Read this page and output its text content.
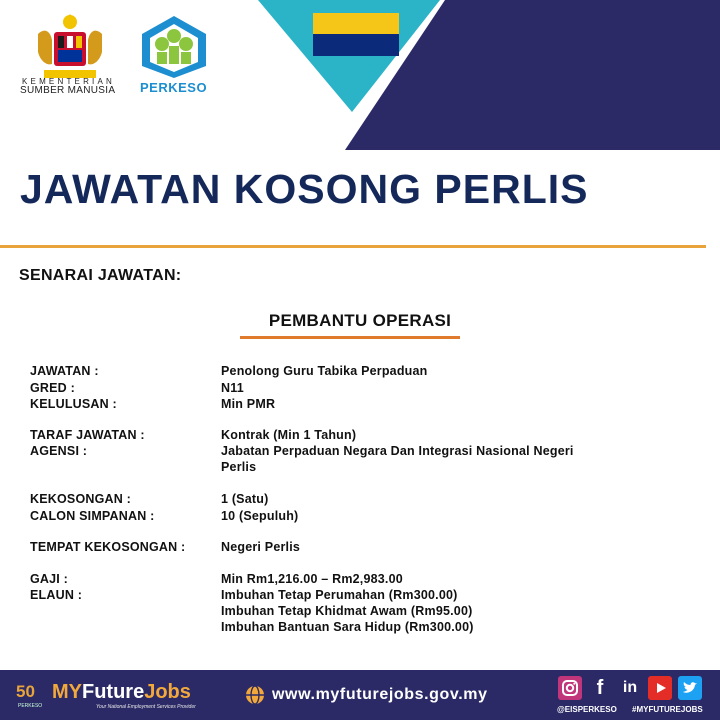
KEMENTERIAN
SUMBER MANUSIA PERKESO
JAWATAN KOSONG PERLIS
SENARAI JAWATAN:
PEMBANTU OPERASI
JAWATAN :	Penolong Guru Tabika Perpaduan
GRED :	N11
KELULUSAN :	Min PMR
TARAF JAWATAN :	Kontrak (Min 1 Tahun)
AGENSI :	Jabatan Perpaduan Negara Dan Integrasi Nasional Negeri
Perlis
KEKOSONGAN :	1 (Satu)
CALON SIMPANAN :	10 (Sepuluh)
TEMPAT KEKOSONGAN :	Negeri Perlis
GAJI :	Min Rm1,216.00 – Rm2,983.00
ELAUN :	Imbuhan Tetap Perumahan (Rm300.00)
Imbuhan Tetap Khidmat Awam (Rm95.00)
Imbuhan Bantuan Sara Hidup (Rm300.00)
50
PERKESO
MYFutureJobs
Your National Employment Services Provider
www.myfuturejobs.gov.my	f	in
@EISPERKESO #MYFUTUREJOBS
